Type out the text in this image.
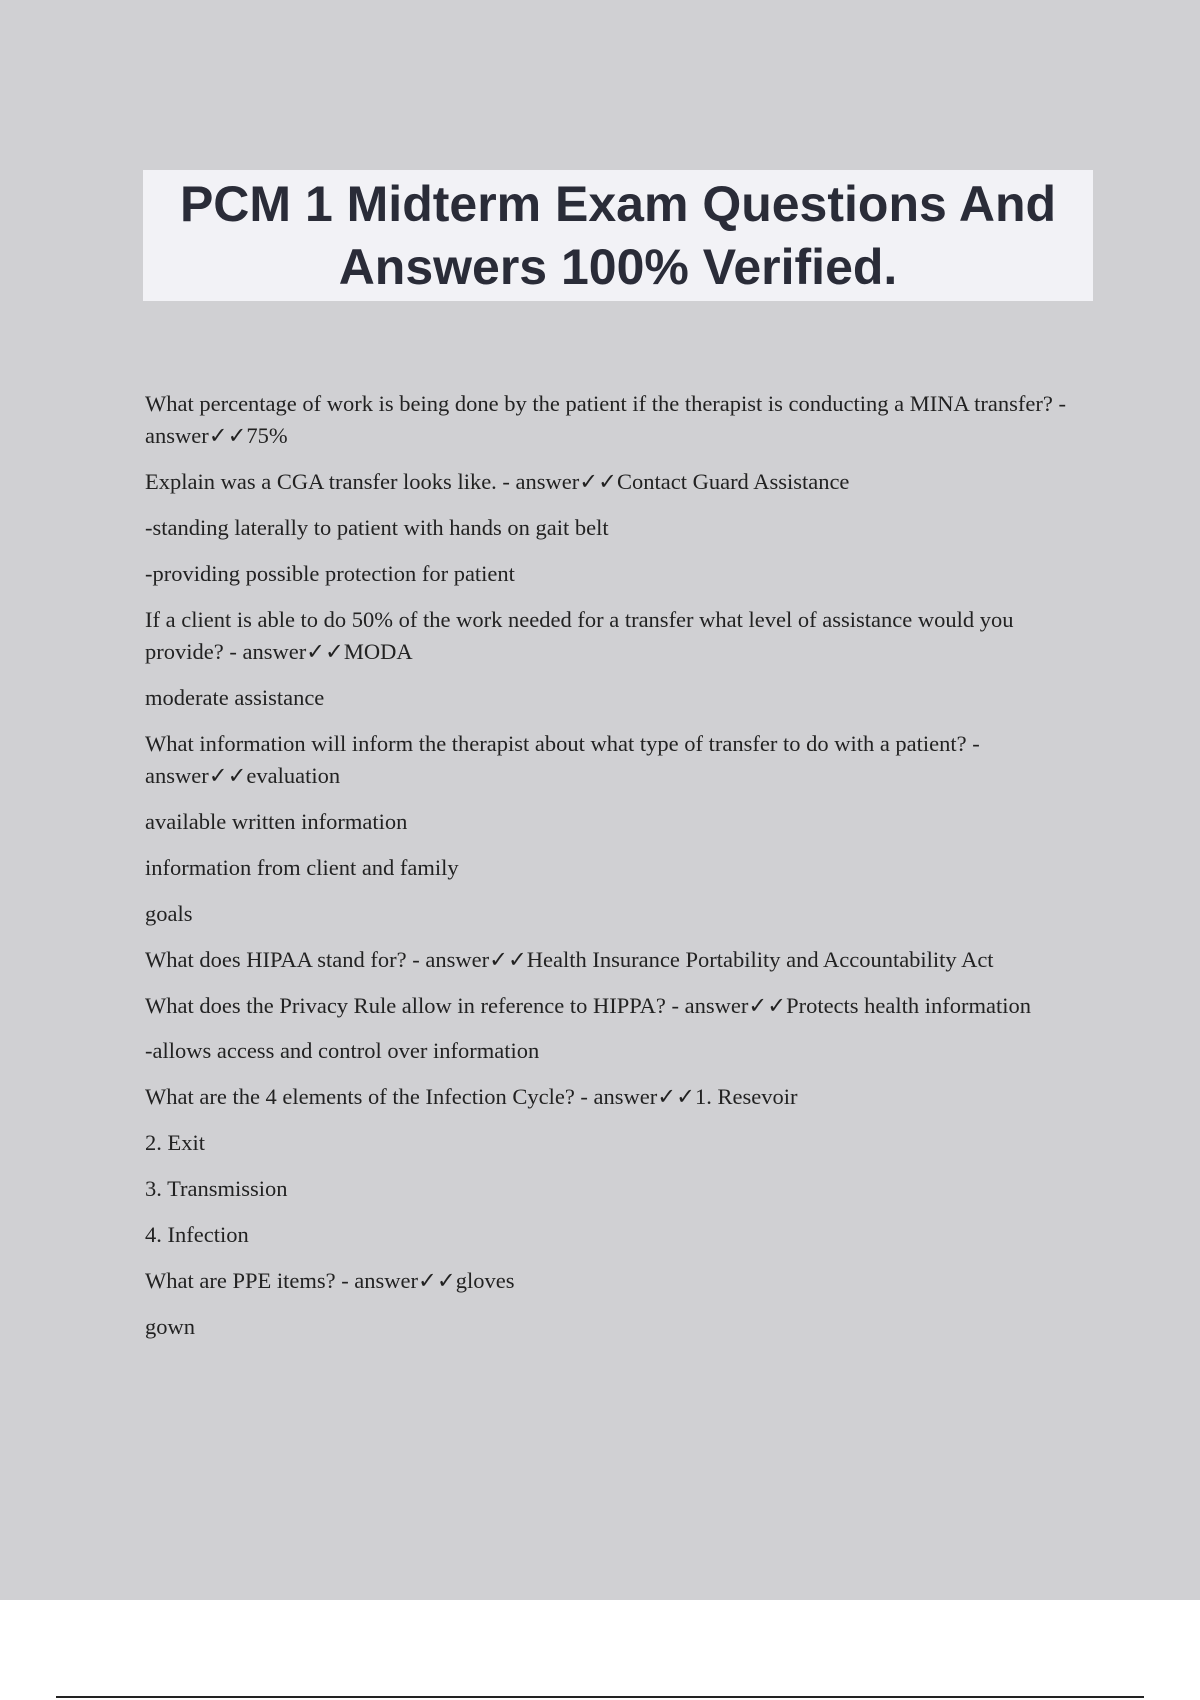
PCM 1 Midterm Exam Questions And
Answers 100% Verified.

What percentage of work is being done by the patient if the therapist is conducting a MINA transfer? - answer✓✓75%

Explain was a CGA transfer looks like. - answer✓✓Contact Guard Assistance

-standing laterally to patient with hands on gait belt

-providing possible protection for patient

If a client is able to do 50% of the work needed for a transfer what level of assistance would you provide? - answer✓✓MODA

moderate assistance

What information will inform the therapist about what type of transfer to do with a patient? - answer✓✓evaluation

available written information

information from client and family

goals

What does HIPAA stand for? - answer✓✓Health Insurance Portability and Accountability Act

What does the Privacy Rule allow in reference to HIPPA? - answer✓✓Protects health information

-allows access and control over information

What are the 4 elements of the Infection Cycle? - answer✓✓1. Resevoir

2. Exit

3. Transmission

4. Infection

What are PPE items? - answer✓✓gloves

gown
